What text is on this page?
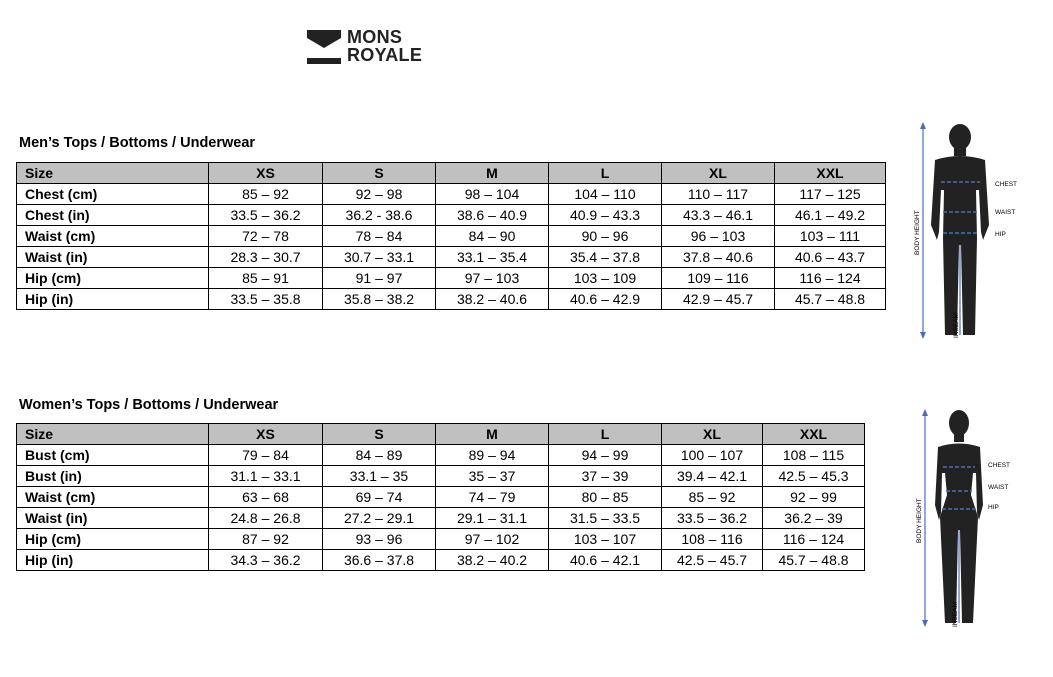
MONS
ROYALE
Men’s Tops / Bottoms / Underwear
Size	XS	S	M	L	XL	XXL
Chest (cm)	85 – 92	92 – 98	98 – 104	104 – 110	110 – 117	117 – 125
Chest (in)	33.5 – 36.2	36.2 - 38.6	38.6 – 40.9	40.9 – 43.3	43.3 – 46.1	46.1 – 49.2
Waist (cm)	72 – 78	78 – 84	84 – 90	90 – 96	96 – 103	103 – 111
Waist (in)	28.3 – 30.7	30.7 – 33.1	33.1 – 35.4	35.4 – 37.8	37.8 – 40.6	40.6 – 43.7
Hip (cm)	85 – 91	91 – 97	97 – 103	103 – 109	109 – 116	116 – 124
Hip (in)	33.5 – 35.8	35.8 – 38.2	38.2 – 40.6	40.6 – 42.9	42.9 – 45.7	45.7 – 48.8
Women’s Tops / Bottoms / Underwear
Size	XS	S	M	L	XL	XXL
Bust (cm)	79 – 84	84 – 89	89 – 94	94 – 99	100 – 107	108 – 115
Bust (in)	31.1 – 33.1	33.1 – 35	35 – 37	37 – 39	39.4 – 42.1	42.5 – 45.3
Waist (cm)	63 – 68	69 – 74	74 – 79	80 – 85	85 – 92	92 – 99
Waist (in)	24.8 – 26.8	27.2 – 29.1	29.1 – 31.1	31.5 – 33.5	33.5 – 36.2	36.2 – 39
Hip (cm)	87 – 92	93 – 96	97 – 102	103 – 107	108 – 116	116 – 124
Hip (in)	34.3 – 36.2	36.6 – 37.8	38.2 – 40.2	40.6 – 42.1	42.5 – 45.7	45.7 – 48.8
CHEST
WAIST
HIP
BODY HEIGHT
INSEAM
CHEST
WAIST
HIP
BODY HEIGHT
INSEAM
